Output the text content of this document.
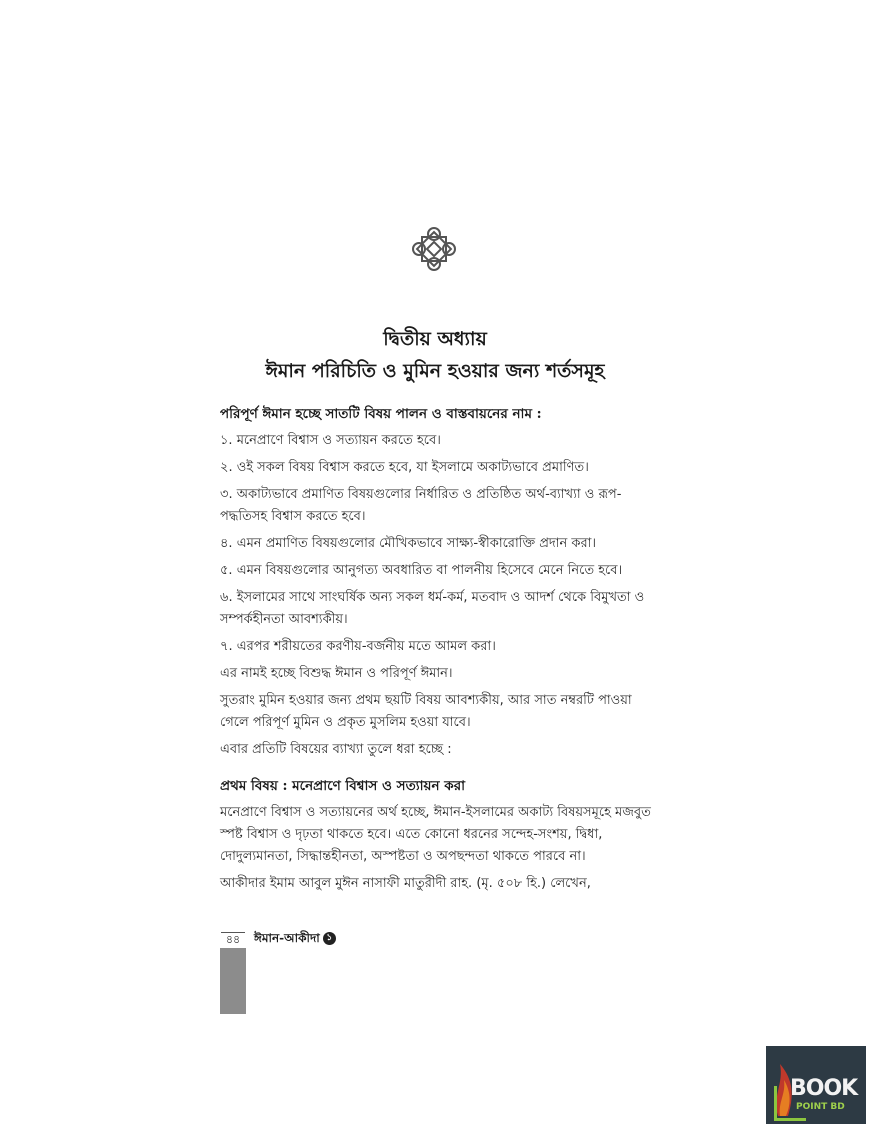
দ্বিতীয় অধ্যায়
ঈমান পরিচিতি ও মুমিন হওয়ার জন্য শর্তসমূহ
পরিপূর্ণ ঈমান হচ্ছে সাতটি বিষয় পালন ও বাস্তবায়নের নাম :
১. মনেপ্রাণে বিশ্বাস ও সত্যায়ন করতে হবে।
২. ওই সকল বিষয় বিশ্বাস করতে হবে, যা ইসলামে অকাট্যভাবে প্রমাণিত।
৩. অকাট্যভাবে প্রমাণিত বিষয়গুলোর নির্ধারিত ও প্রতিষ্ঠিত অর্থ-ব্যাখ্যা ও রূপ-পদ্ধতিসহ বিশ্বাস করতে হবে।
৪. এমন প্রমাণিত বিষয়গুলোর মৌখিকভাবে সাক্ষ্য-স্বীকারোক্তি প্রদান করা।
৫. এমন বিষয়গুলোর আনুগত্য অবধারিত বা পালনীয় হিসেবে মেনে নিতে হবে।
৬. ইসলামের সাথে সাংঘর্ষিক অন্য সকল ধর্ম-কর্ম, মতবাদ ও আদর্শ থেকে বিমুখতা ও সম্পর্কহীনতা আবশ্যকীয়।
৭. এরপর শরীয়তের করণীয়-বর্জনীয় মতে আমল করা।
এর নামই হচ্ছে বিশুদ্ধ ঈমান ও পরিপূর্ণ ঈমান।
সুতরাং মুমিন হওয়ার জন্য প্রথম ছয়টি বিষয় আবশ্যকীয়, আর সাত নম্বরটি পাওয়া গেলে পরিপূর্ণ মুমিন ও প্রকৃত মুসলিম হওয়া যাবে।
এবার প্রতিটি বিষয়ের ব্যাখ্যা তুলে ধরা হচ্ছে :
প্রথম বিষয় : মনেপ্রাণে বিশ্বাস ও সত্যায়ন করা
মনেপ্রাণে বিশ্বাস ও সত্যায়নের অর্থ হচ্ছে, ঈমান-ইসলামের অকাট্য বিষয়সমূহে মজবুত স্পষ্ট বিশ্বাস ও দৃঢ়তা থাকতে হবে। এতে কোনো ধরনের সন্দেহ-সংশয়, দ্বিধা, দোদুল্যমানতা, সিদ্ধান্তহীনতা, অস্পষ্টতা ও অপছন্দতা থাকতে পারবে না।
আকীদার ইমাম আবুল মুঈন নাসাফী মাতুরীদী রাহ. (মৃ. ৫০৮ হি.) লেখেন,
৪৪	ঈমান-আকীদা ১
BOOK
POINT BD
